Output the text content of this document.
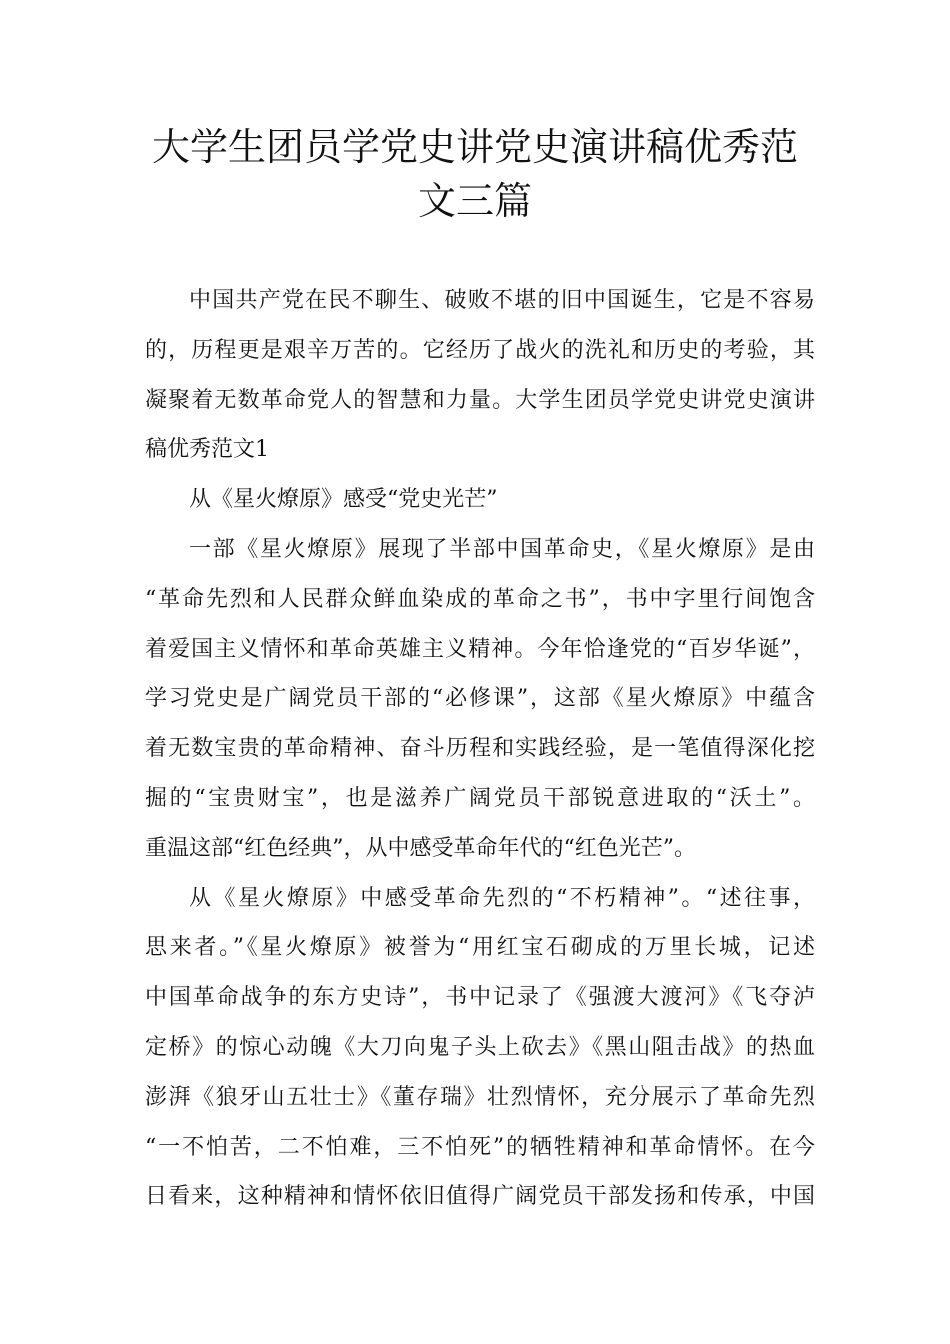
大学生团员学党史讲党史演讲稿优秀范
文三篇
中国共产党在民不聊生、破败不堪的旧中国诞生，它是不容易
的，历程更是艰辛万苦的。它经历了战火的洗礼和历史的考验，其
凝聚着无数革命党人的智慧和力量。大学生团员学党史讲党史演讲
稿优秀范文1
从《星火燎原》感受“党史光芒”
一部《星火燎原》展现了半部中国革命史，《星火燎原》是由
“革命先烈和人民群众鲜血染成的革命之书”，书中字里行间饱含
着爱国主义情怀和革命英雄主义精神。今年恰逢党的“百岁华诞”，
学习党史是广阔党员干部的“必修课”，这部《星火燎原》中蕴含
着无数宝贵的革命精神、奋斗历程和实践经验，是一笔值得深化挖
掘的“宝贵财宝”，也是滋养广阔党员干部锐意进取的“沃土”。
重温这部“红色经典”，从中感受革命年代的“红色光芒”。
从《星火燎原》中感受革命先烈的“不朽精神”。“述往事，
思来者。”《星火燎原》被誉为“用红宝石砌成的万里长城，记述
中国革命战争的东方史诗”，书中记录了《强渡大渡河》《飞夺泸
定桥》的惊心动魄《大刀向鬼子头上砍去》《黑山阻击战》的热血
澎湃《狼牙山五壮士》《董存瑞》壮烈情怀，充分展示了革命先烈
“一不怕苦，二不怕难，三不怕死”的牺牲精神和革命情怀。在今
日看来，这种精神和情怀依旧值得广阔党员干部发扬和传承，中国
